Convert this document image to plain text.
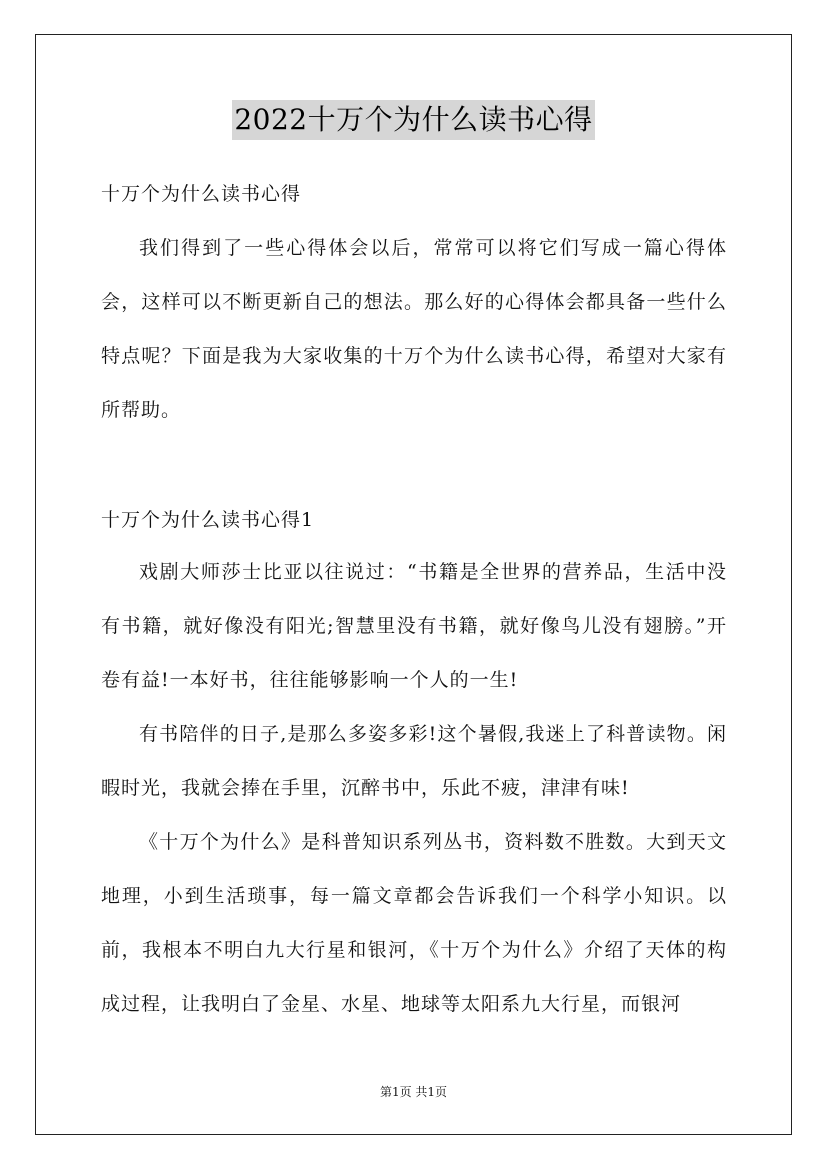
2022十万个为什么读书心得
十万个为什么读书心得

我们得到了一些心得体会以后，常常可以将它们写成一篇心得体会，这样可以不断更新自己的想法。那么好的心得体会都具备一些什么特点呢？下面是我为大家收集的十万个为什么读书心得，希望对大家有所帮助。

十万个为什么读书心得1

戏剧大师莎士比亚以往说过：“书籍是全世界的营养品，生活中没有书籍，就好像没有阳光;智慧里没有书籍，就好像鸟儿没有翅膀。”开卷有益!一本好书，往往能够影响一个人的一生!

有书陪伴的日子,是那么多姿多彩!这个暑假,我迷上了科普读物。闲暇时光，我就会捧在手里，沉醉书中，乐此不疲，津津有味!

《十万个为什么》是科普知识系列丛书，资料数不胜数。大到天文地理，小到生活琐事，每一篇文章都会告诉我们一个科学小知识。以前，我根本不明白九大行星和银河，《十万个为什么》介绍了天体的构成过程，让我明白了金星、水星、地球等太阳系九大行星，而银河

第1页 共1页
